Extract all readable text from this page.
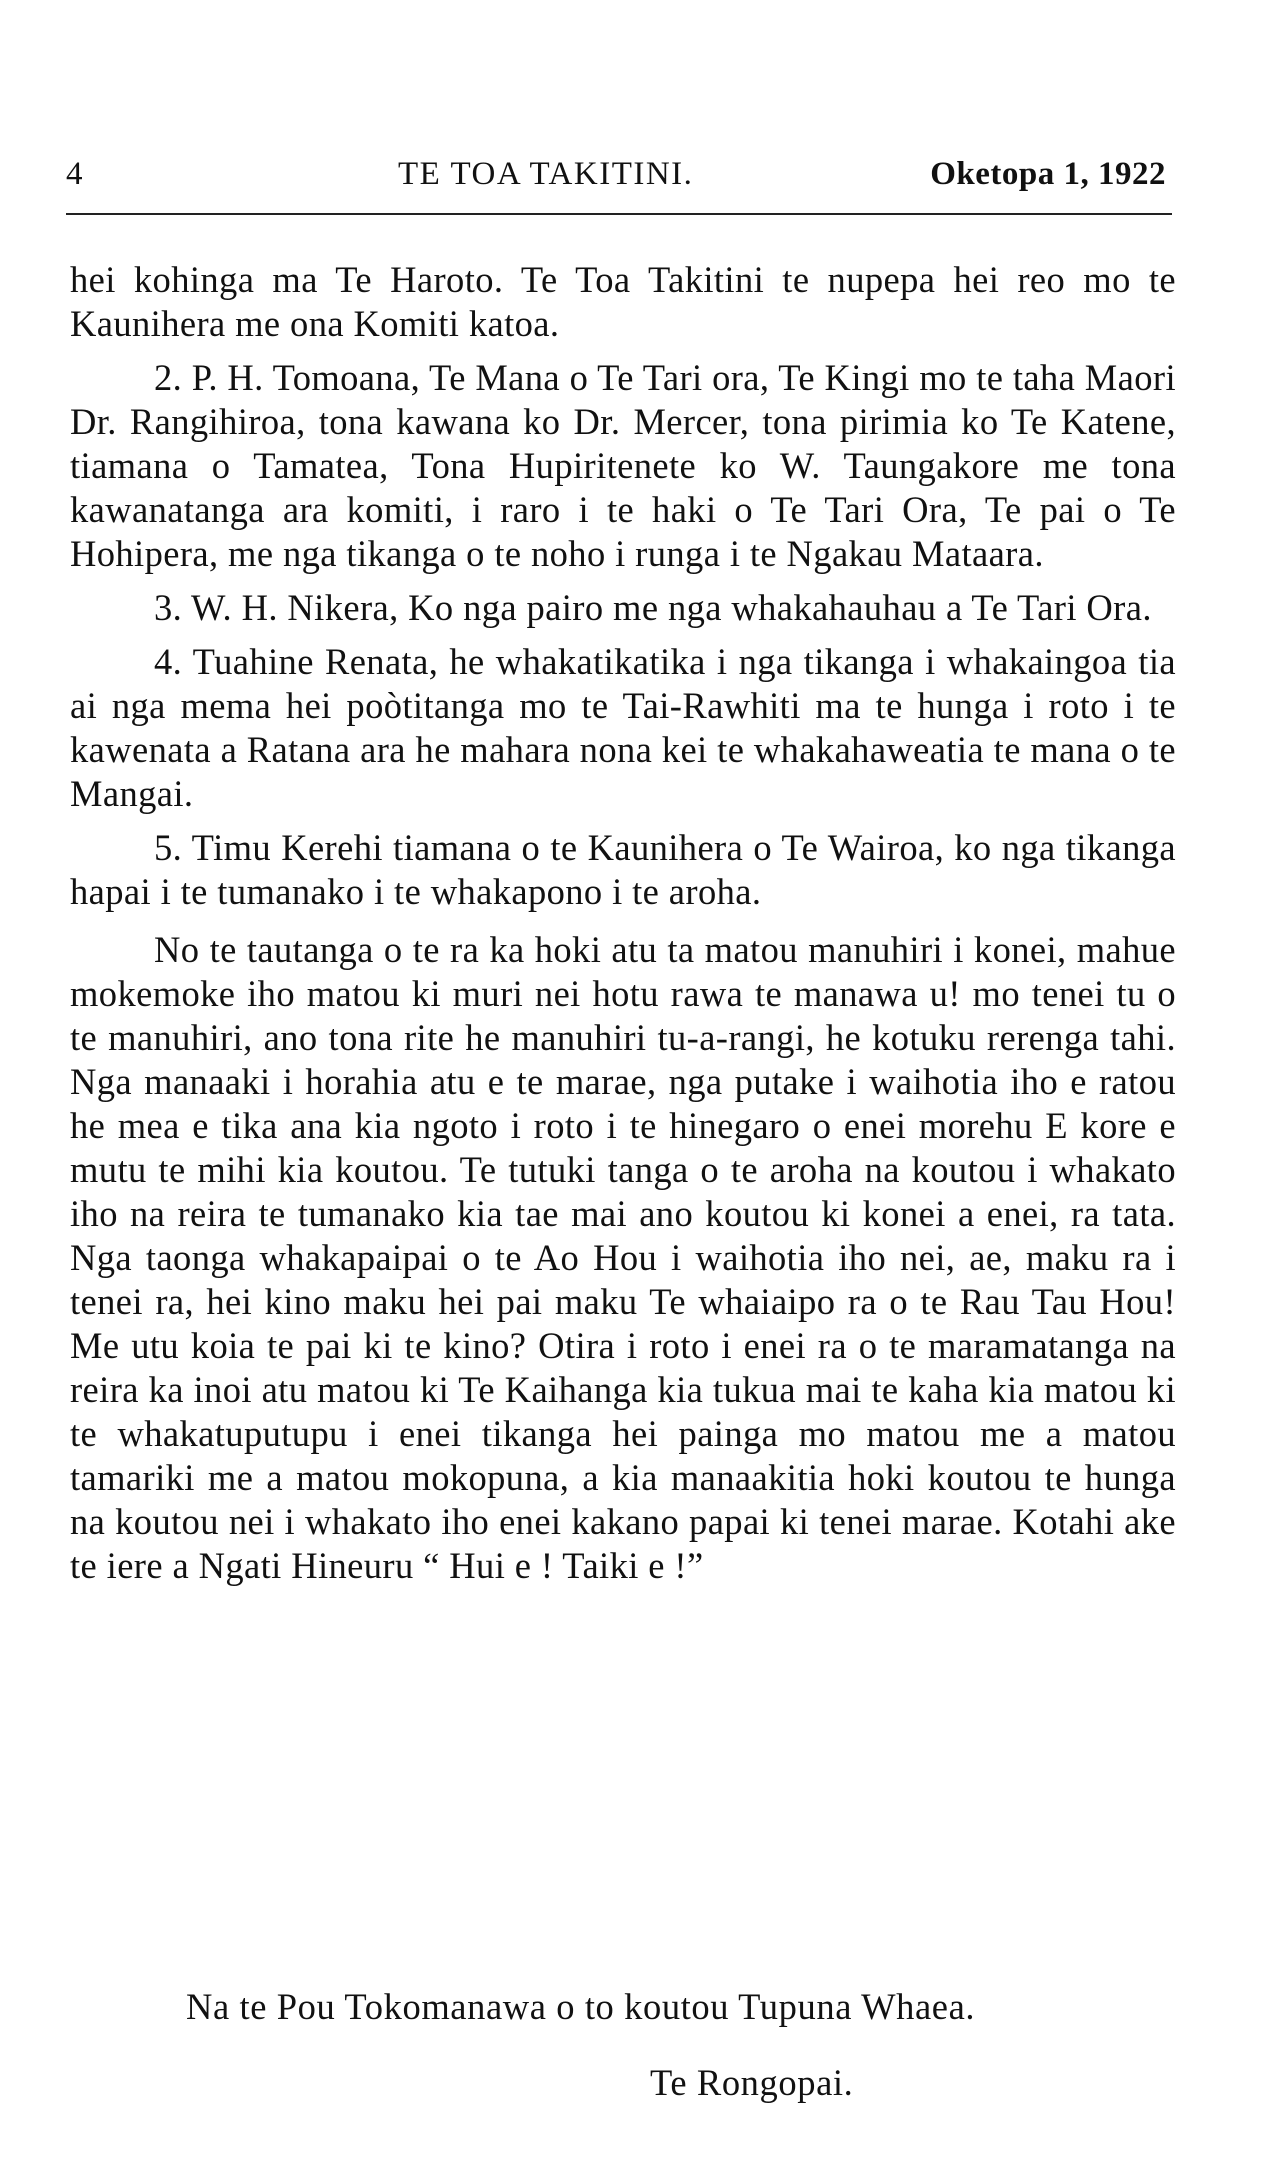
4	TE TOA TAKITINI.	Oketopa 1, 1922

hei kohinga ma Te Haroto. Te Toa Takitini te nupepa hei reo mo te Kaunihera me ona Komiti katoa.

2. P. H. Tomoana, Te Mana o Te Tari ora, Te Kingi mo te taha Maori Dr. Rangihiroa, tona kawana ko Dr. Mercer, tona pirimia ko Te Katene, tiamana o Tamatea, Tona Hupiritenete ko W. Taungakore me tona kawanatanga ara komiti, i raro i te haki o Te Tari Ora, Te pai o Te Hohipera, me nga tikanga o te noho i runga i te Ngakau Mataara.

3. W. H. Nikera, Ko nga pairo me nga whakahauhau a Te Tari Ora.

4. Tuahine Renata, he whakatikatika i nga tikanga i whakaingoa tia ai nga mema hei poòtitanga mo te Tai-Rawhiti ma te hunga i roto i te kawenata a Ratana ara he mahara nona kei te whakahaweatia te mana o te Mangai.

5. Timu Kerehi tiamana o te Kaunihera o Te Wairoa, ko nga tikanga hapai i te tumanako i te whakapono i te aroha.

No te tautanga o te ra ka hoki atu ta matou manuhiri i konei, mahue mokemoke iho matou ki muri nei hotu rawa te manawa u! mo tenei tu o te manuhiri, ano tona rite he manuhiri tu-a-rangi, he kotuku rerenga tahi. Nga manaaki i horahia atu e te marae, nga putake i waihotia iho e ratou he mea e tika ana kia ngoto i roto i te hinegaro o enei morehu E kore e mutu te mihi kia koutou. Te tutuki tanga o te aroha na koutou i whakato iho na reira te tumanako kia tae mai ano koutou ki konei a enei, ra tata. Nga taonga whakapaipai o te Ao Hou i waihotia iho nei, ae, maku ra i tenei ra, hei kino maku hei pai maku Te whaiaipo ra o te Rau Tau Hou! Me utu koia te pai ki te kino? Otira i roto i enei ra o te maramatanga na reira ka inoi atu matou ki Te Kaihanga kia tukua mai te kaha kia matou ki te whakatuputupu i enei tikanga hei painga mo matou me a matou tamariki me a matou mokopuna, a kia manaakitia hoki koutou te hunga na koutou nei i whakato iho enei kakano papai ki tenei marae. Kotahi ake te iere a Ngati Hineuru “ Hui e ! Taiki e !”

Na te Pou Tokomanawa o to koutou Tupuna Whaea.
Te Rongopai.
